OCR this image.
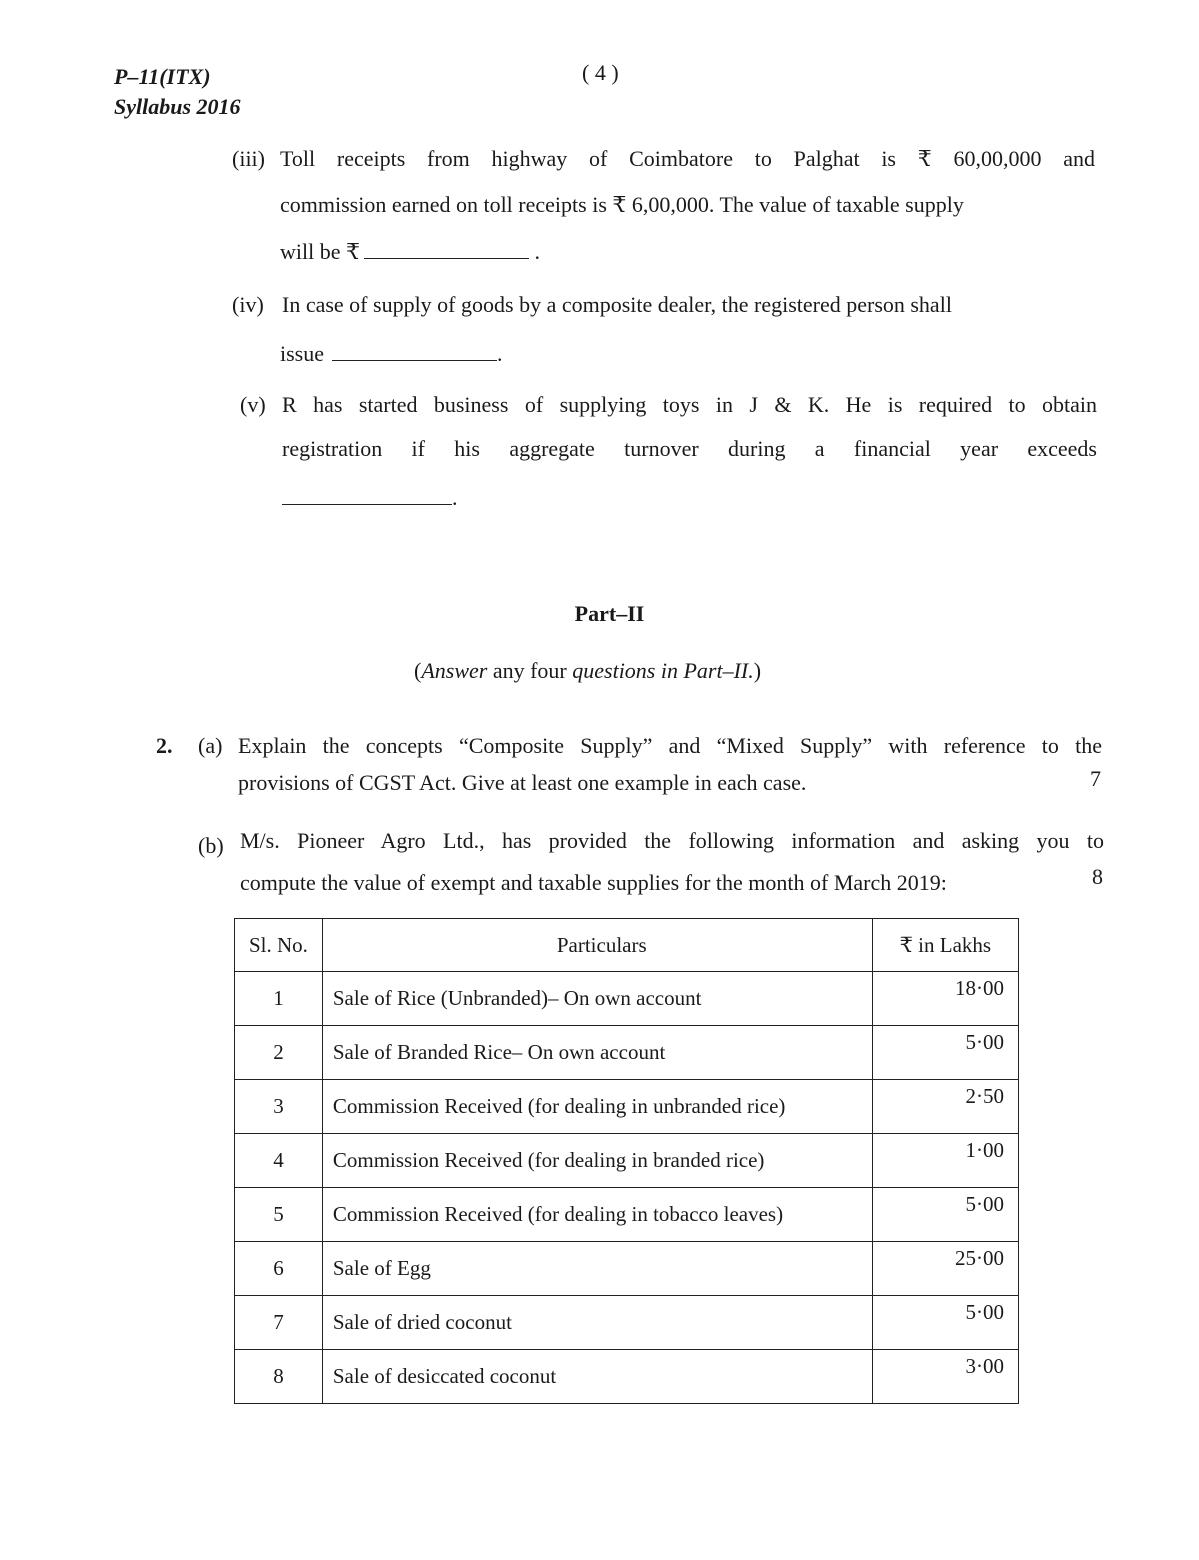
P–11(ITX)
Syllabus 2016
( 4 )
(iii) Toll receipts from highway of Coimbatore to Palghat is ₹ 60,00,000 and
commission earned on toll receipts is ₹ 6,00,000. The value of taxable supply
will be ₹	.
(iv) In case of supply of goods by a composite dealer, the registered person shall
issue	.
(v) R has started business of supplying toys in J & K. He is required to obtain
registration if his aggregate turnover during a financial year exceeds
.
Part–II
(Answer any four questions in Part–II.)
2. (a) Explain the concepts “Composite Supply” and “Mixed Supply” with reference to the
provisions of CGST Act. Give at least one example in each case.	7
(b) M/s. Pioneer Agro Ltd., has provided the following information and asking you to
compute the value of exempt and taxable supplies for the month of March 2019:	8
Sl. No.	Particulars	₹ in Lakhs
1	Sale of Rice (Unbranded)– On own account	18·00
2	Sale of Branded Rice– On own account	5·00
3	Commission Received (for dealing in unbranded rice)	2·50
4	Commission Received (for dealing in branded rice)	1·00
5	Commission Received (for dealing in tobacco leaves)	5·00
6	Sale of Egg	25·00
7	Sale of dried coconut	5·00
8	Sale of desiccated coconut	3·00
